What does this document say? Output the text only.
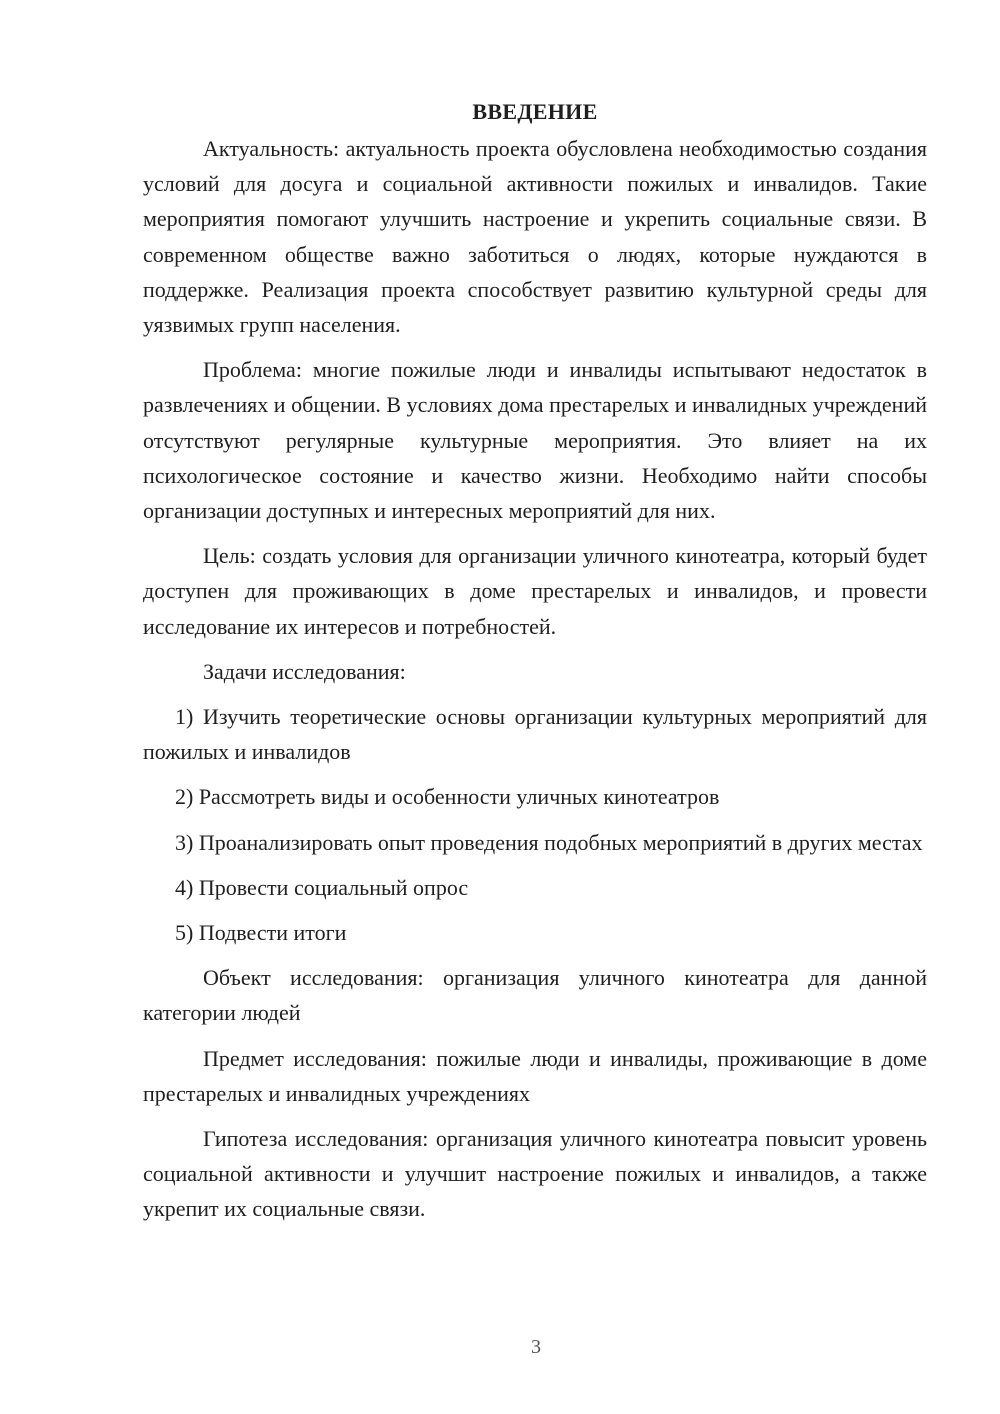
ВВЕДЕНИЕ

Актуальность: актуальность проекта обусловлена необходимостью создания условий для досуга и социальной активности пожилых и инвалидов. Такие мероприятия помогают улучшить настроение и укрепить социальные связи. В современном обществе важно заботиться о людях, которые нуждаются в поддержке. Реализация проекта способствует развитию культурной среды для уязвимых групп населения.

Проблема: многие пожилые люди и инвалиды испытывают недостаток в развлечениях и общении. В условиях дома престарелых и инвалидных учреждений отсутствуют регулярные культурные мероприятия. Это влияет на их психологическое состояние и качество жизни. Необходимо найти способы организации доступных и интересных мероприятий для них.

Цель: создать условия для организации уличного кинотеатра, который будет доступен для проживающих в доме престарелых и инвалидов, и провести исследование их интересов и потребностей.

Задачи исследования:

1) Изучить теоретические основы организации культурных мероприятий для пожилых и инвалидов

2) Рассмотреть виды и особенности уличных кинотеатров

3) Проанализировать опыт проведения подобных мероприятий в других местах

4) Провести социальный опрос

5) Подвести итоги

Объект исследования: организация уличного кинотеатра для данной категории людей

Предмет исследования: пожилые люди и инвалиды, проживающие в доме престарелых и инвалидных учреждениях

Гипотеза исследования: организация уличного кинотеатра повысит уровень социальной активности и улучшит настроение пожилых и инвалидов, а также укрепит их социальные связи.

3
